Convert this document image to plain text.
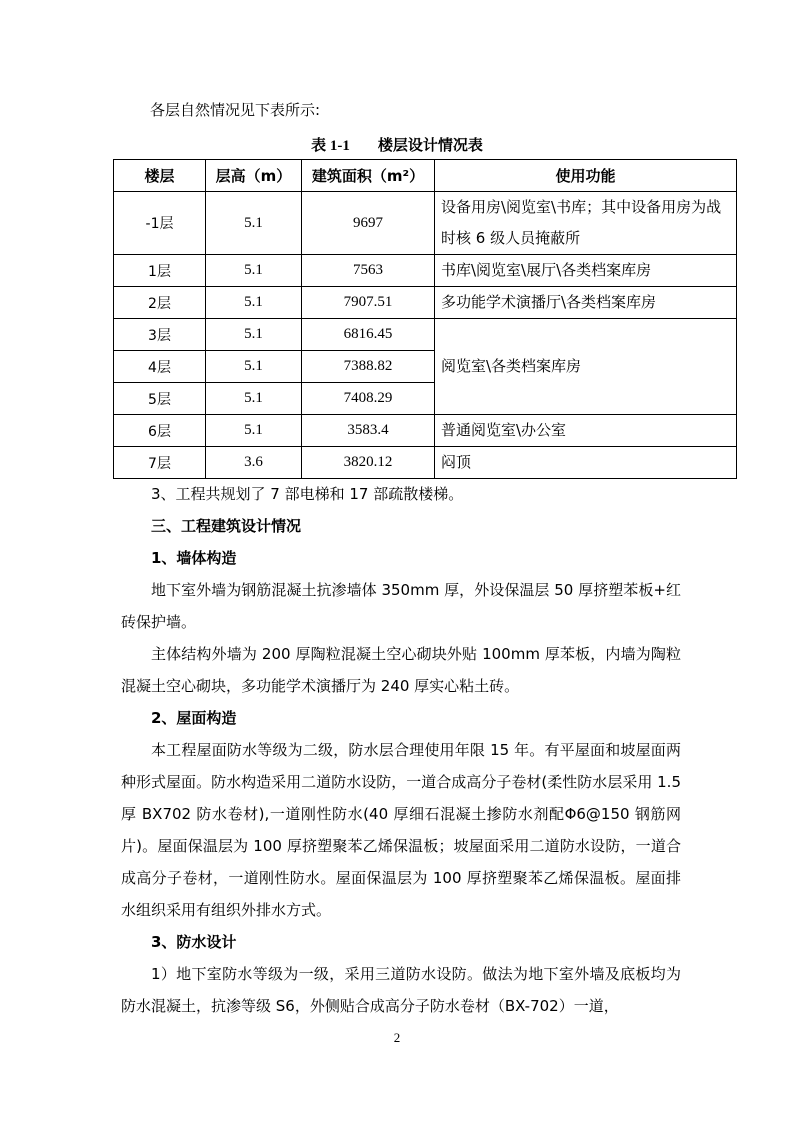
各层自然情况见下表所示:
表 1-1 楼层设计情况表
楼层	层高（m）	建筑面积（m²）	使用功能
-1层	5.1	9697	设备用房\阅览室\书库；其中设备用房为战时核 6 级人员掩蔽所
1层	5.1	7563	书库\阅览室\展厅\各类档案库房
2层	5.1	7907.51	多功能学术演播厅\各类档案库房
3层	5.1	6816.45	阅览室\各类档案库房
4层	5.1	7388.82	
5层	5.1	7408.29	
6层	5.1	3583.4	普通阅览室\办公室
7层	3.6	3820.12	闷顶

3、工程共规划了 7 部电梯和 17 部疏散楼梯。

三、工程建筑设计情况

1、墙体构造

地下室外墙为钢筋混凝土抗渗墙体 350mm 厚，外设保温层 50 厚挤塑苯板+红砖保护墙。

主体结构外墙为 200 厚陶粒混凝土空心砌块外贴 100mm 厚苯板，内墙为陶粒混凝土空心砌块，多功能学术演播厅为 240 厚实心粘土砖。

2、屋面构造

本工程屋面防水等级为二级，防水层合理使用年限 15 年。有平屋面和坡屋面两种形式屋面。防水构造采用二道防水设防，一道合成高分子卷材(柔性防水层采用 1.5 厚 BX702 防水卷材),一道刚性防水(40 厚细石混凝土掺防水剂配Φ6@150 钢筋网片)。屋面保温层为 100 厚挤塑聚苯乙烯保温板；坡屋面采用二道防水设防，一道合成高分子卷材，一道刚性防水。屋面保温层为 100 厚挤塑聚苯乙烯保温板。屋面排水组织采用有组织外排水方式。

3、防水设计

1）地下室防水等级为一级，采用三道防水设防。做法为地下室外墙及底板均为防水混凝土，抗渗等级 S6，外侧贴合成高分子防水卷材（BX-702）一道，

2
